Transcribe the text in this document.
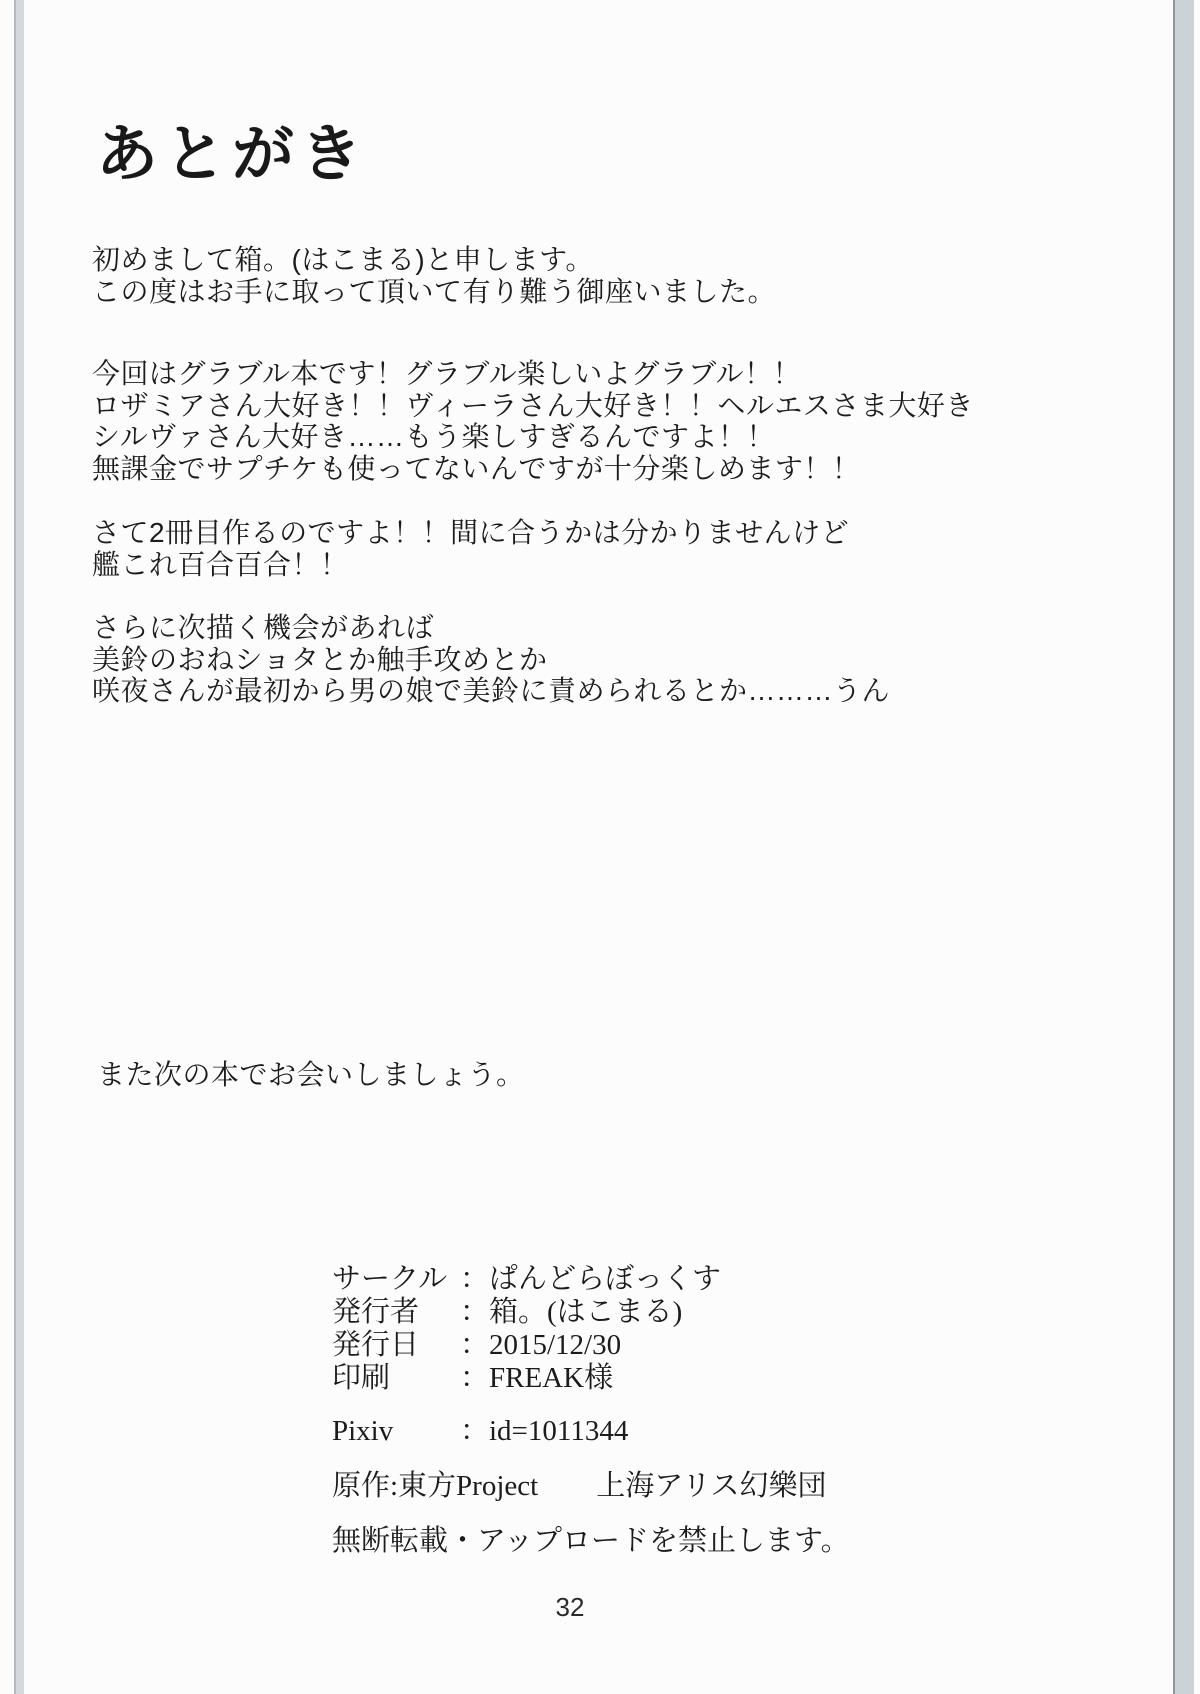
あとがき
初めまして箱。(はこまる)と申します。
この度はお手に取って頂いて有り難う御座いました。
今回はグラブル本です！グラブル楽しいよグラブル！！
ロザミアさん大好き！！ヴィーラさん大好き！！ヘルエスさま大好き
シルヴァさん大好き……もう楽しすぎるんですよ！！
無課金でサプチケも使ってないんですが十分楽しめます！！
さて2冊目作るのですよ！！間に合うかは分かりませんけど
艦これ百合百合！！
さらに次描く機会があれば
美鈴のおねショタとか触手攻めとか
咲夜さんが最初から男の娘で美鈴に責められるとか………うん
また次の本でお会いしましょう。
サークル ：ぱんどらぼっくす
発行者	：箱。(はこまる)
発行日	：2015/12/30
印刷	：FREAK様
Pixiv	：id=1011344
原作:東方Project　　上海アリス幻樂団
無断転載・アップロードを禁止します。
32
